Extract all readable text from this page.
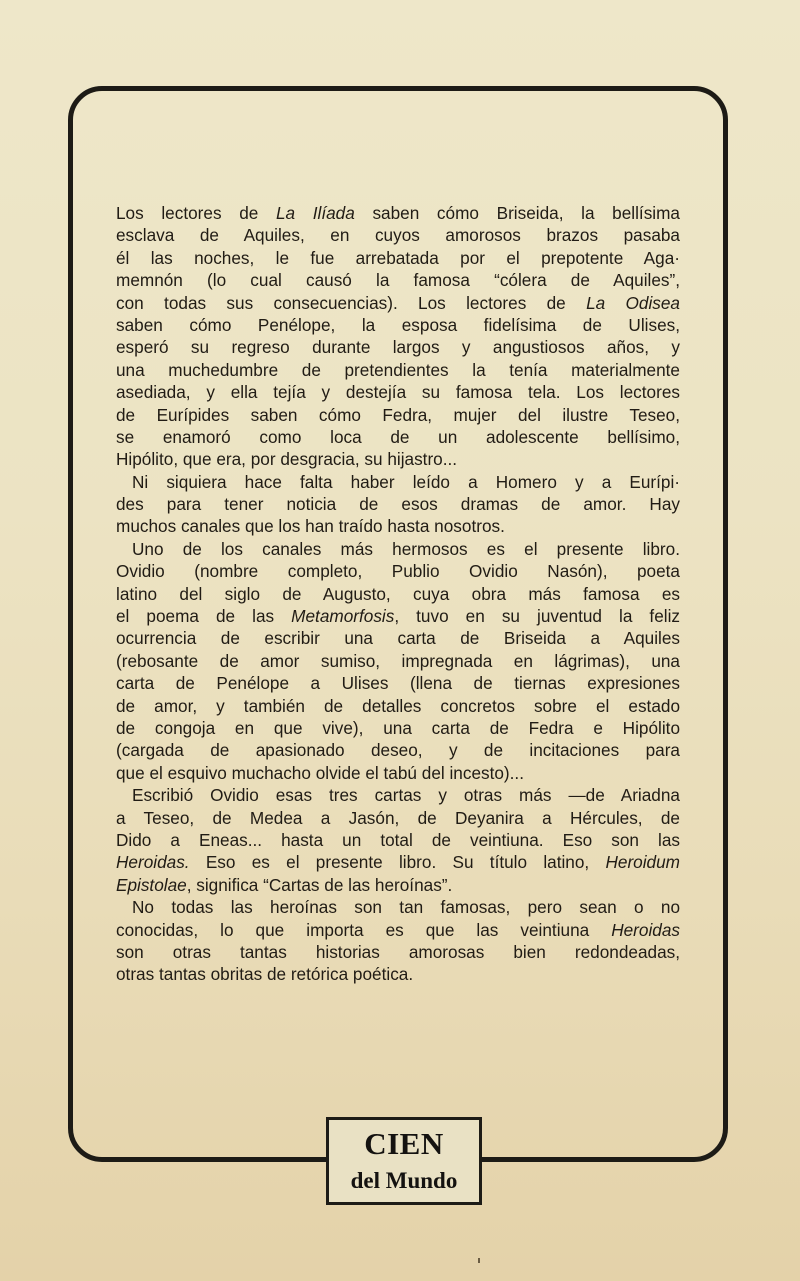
Los lectores de La Ilíada saben cómo Briseida, la bellísima
esclava de Aquiles, en cuyos amorosos brazos pasaba
él las noches, le fue arrebatada por el prepotente Aga·
memnón (lo cual causó la famosa “cólera de Aquiles”,
con todas sus consecuencias). Los lectores de La Odisea
saben cómo Penélope, la esposa fidelísima de Ulises,
esperó su regreso durante largos y angustiosos años, y
una muchedumbre de pretendientes la tenía materialmente
asediada, y ella tejía y destejía su famosa tela. Los lectores
de Eurípides saben cómo Fedra, mujer del ilustre Teseo,
se enamoró como loca de un adolescente bellísimo,
Hipólito, que era, por desgracia, su hijastro...
Ni siquiera hace falta haber leído a Homero y a Eurípi·
des para tener noticia de esos dramas de amor. Hay
muchos canales que los han traído hasta nosotros.
Uno de los canales más hermosos es el presente libro.
Ovidio (nombre completo, Publio Ovidio Nasón), poeta
latino del siglo de Augusto, cuya obra más famosa es
el poema de las Metamorfosis, tuvo en su juventud la feliz
ocurrencia de escribir una carta de Briseida a Aquiles
(rebosante de amor sumiso, impregnada en lágrimas), una
carta de Penélope a Ulises (llena de tiernas expresiones
de amor, y también de detalles concretos sobre el estado
de congoja en que vive), una carta de Fedra e Hipólito
(cargada de apasionado deseo, y de incitaciones para
que el esquivo muchacho olvide el tabú del incesto)...
Escribió Ovidio esas tres cartas y otras más —de Ariadna
a Teseo, de Medea a Jasón, de Deyanira a Hércules, de
Dido a Eneas... hasta un total de veintiuna. Eso son las
Heroidas. Eso es el presente libro. Su título latino, Heroidum
Epistolae, significa “Cartas de las heroínas”.
No todas las heroínas son tan famosas, pero sean o no
conocidas, lo que importa es que las veintiuna Heroidas
son otras tantas historias amorosas bien redondeadas,
otras tantas obritas de retórica poética.
CIEN
del Mundo
